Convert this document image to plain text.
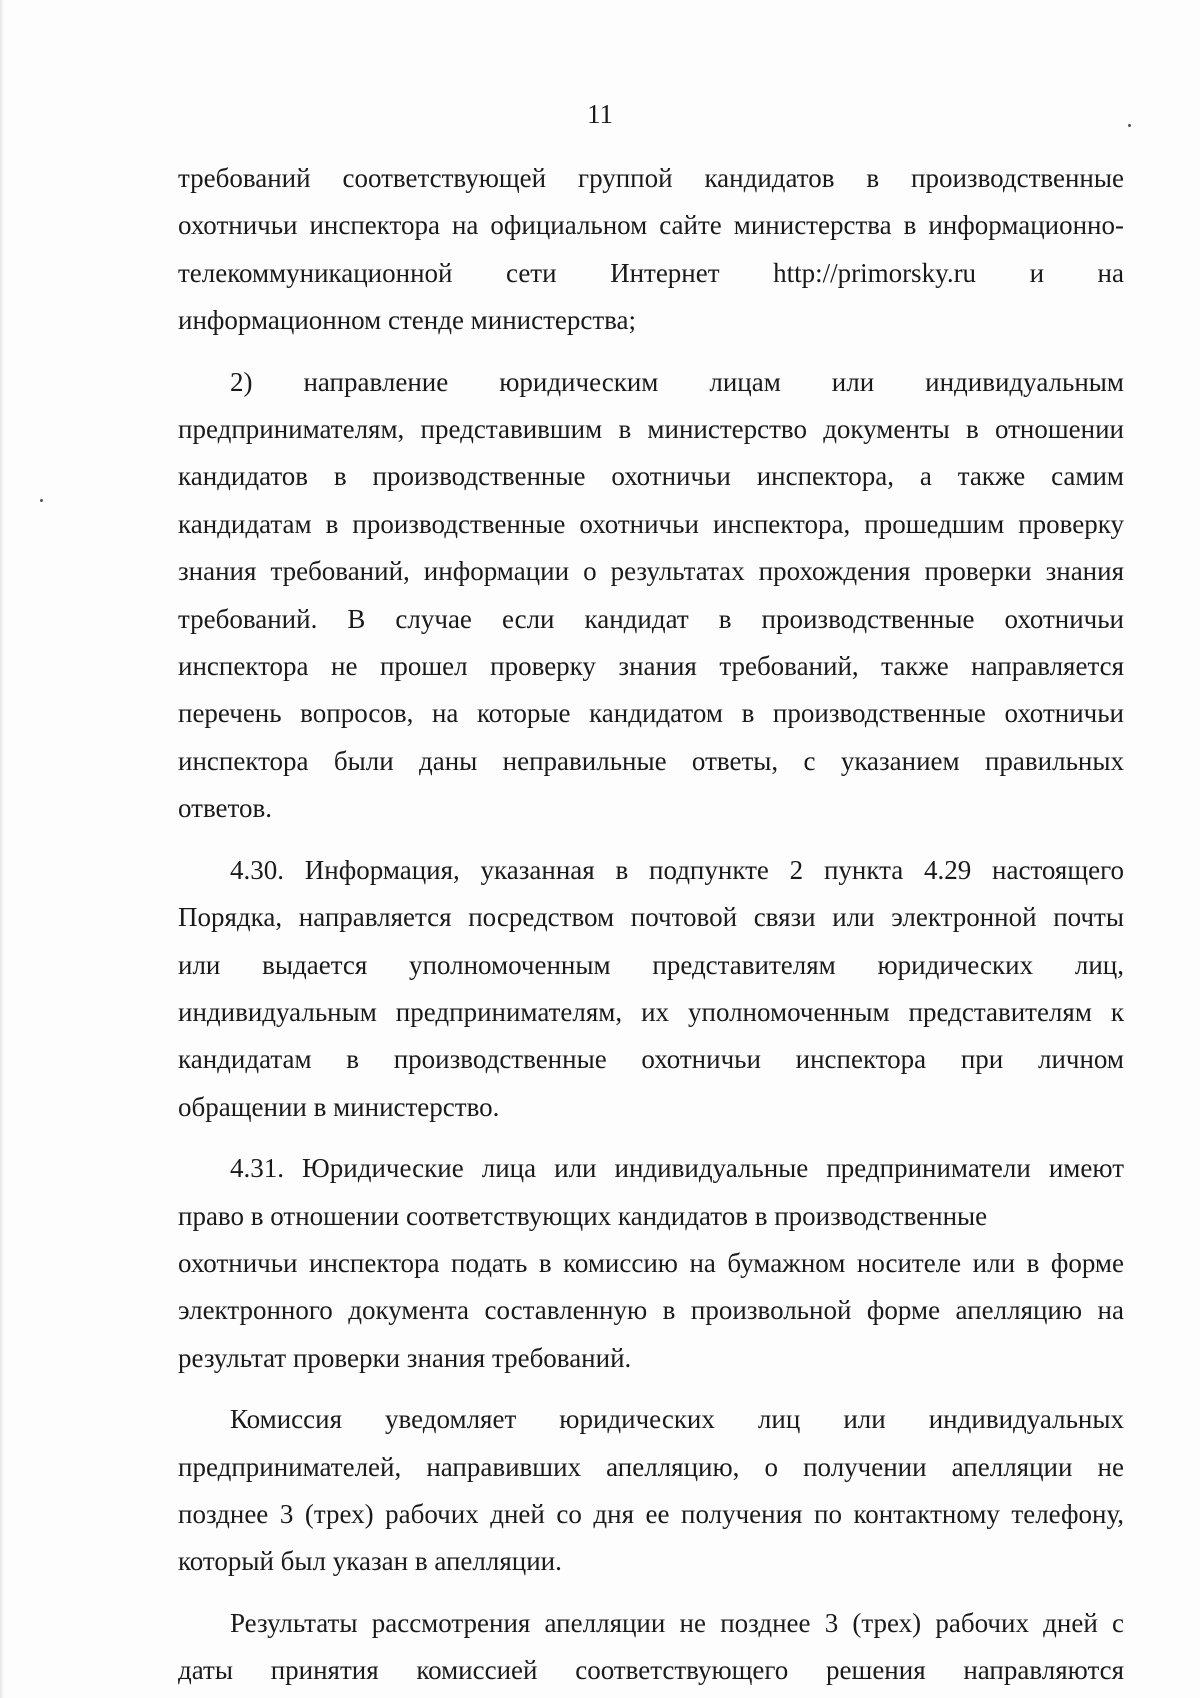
11
требований соответствующей группой кандидатов в производственные
охотничьи инспектора на официальном сайте министерства в информационно-
телекоммуникационной сети Интернет http://primorsky.ru и на
информационном стенде министерства;
2) направление юридическим лицам или индивидуальным
предпринимателям, представившим в министерство документы в отношении
кандидатов в производственные охотничьи инспектора, а также самим
кандидатам в производственные охотничьи инспектора, прошедшим проверку
знания требований, информации о результатах прохождения проверки знания
требований. В случае если кандидат в производственные охотничьи
инспектора не прошел проверку знания требований, также направляется
перечень вопросов, на которые кандидатом в производственные охотничьи
инспектора были даны неправильные ответы, с указанием правильных
ответов.
4.30. Информация, указанная в подпункте 2 пункта 4.29 настоящего
Порядка, направляется посредством почтовой связи или электронной почты
или выдается уполномоченным представителям юридических лиц,
индивидуальным предпринимателям, их уполномоченным представителям к
кандидатам в производственные охотничьи инспектора при личном
обращении в министерство.
4.31. Юридические лица или индивидуальные предприниматели имеют
право в отношении соответствующих кандидатов в производственные
охотничьи инспектора подать в комиссию на бумажном носителе или в форме
электронного документа составленную в произвольной форме апелляцию на
результат проверки знания требований.
Комиссия уведомляет юридических лиц или индивидуальных
предпринимателей, направивших апелляцию, о получении апелляции не
позднее 3 (трех) рабочих дней со дня ее получения по контактному телефону,
который был указан в апелляции.
Результаты рассмотрения апелляции не позднее 3 (трех) рабочих дней с
даты принятия комиссией соответствующего решения направляются
